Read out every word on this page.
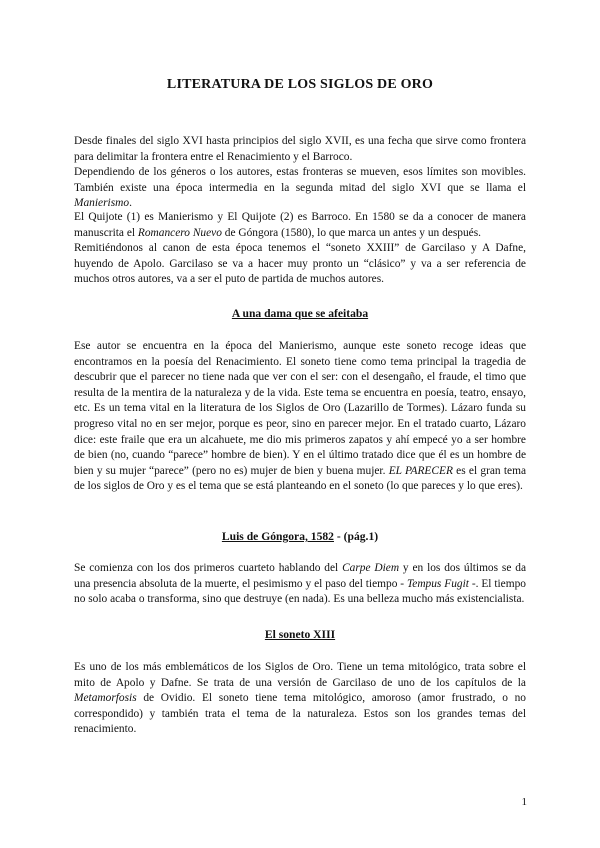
LITERATURA DE LOS SIGLOS DE ORO

Desde finales del siglo XVI hasta principios del siglo XVII, es una fecha que sirve como frontera para delimitar la frontera entre el Renacimiento y el Barroco.

Dependiendo de los géneros o los autores, estas fronteras se mueven, esos límites son movibles. También existe una época intermedia en la segunda mitad del siglo XVI que se llama el Manierismo.

El Quijote (1) es Manierismo y El Quijote (2) es Barroco. En 1580 se da a conocer de manera manuscrita el Romancero Nuevo de Góngora (1580), lo que marca un antes y un después.

Remitiéndonos al canon de esta época tenemos el “soneto XXIII” de Garcilaso y A Dafne, huyendo de Apolo. Garcilaso se va a hacer muy pronto un “clásico” y va a ser referencia de muchos otros autores, va a ser el puto de partida de muchos autores.

A una dama que se afeitaba

Ese autor se encuentra en la época del Manierismo, aunque este soneto recoge ideas que encontramos en la poesía del Renacimiento. El soneto tiene como tema principal la tragedia de descubrir que el parecer no tiene nada que ver con el ser: con el desengaño, el fraude, el timo que resulta de la mentira de la naturaleza y de la vida. Este tema se encuentra en poesía, teatro, ensayo, etc. Es un tema vital en la literatura de los Siglos de Oro (Lazarillo de Tormes). Lázaro funda su progreso vital no en ser mejor, porque es peor, sino en parecer mejor. En el tratado cuarto, Lázaro dice: este fraile que era un alcahuete, me dio mis primeros zapatos y ahí empecé yo a ser hombre de bien (no, cuando “parece” hombre de bien). Y en el último tratado dice que él es un hombre de bien y su mujer “parece” (pero no es) mujer de bien y buena mujer. EL PARECER es el gran tema de los siglos de Oro y es el tema que se está planteando en el soneto (lo que pareces y lo que eres).

Luis de Góngora, 1582 - (pág.1)

Se comienza con los dos primeros cuarteto hablando del Carpe Diem y en los dos últimos se da una presencia absoluta de la muerte, el pesimismo y el paso del tiempo - Tempus Fugit -. El tiempo no solo acaba o transforma, sino que destruye (en nada). Es una belleza mucho más existencialista.

El soneto XIII

Es uno de los más emblemáticos de los Siglos de Oro. Tiene un tema mitológico, trata sobre el mito de Apolo y Dafne. Se trata de una versión de Garcilaso de uno de los capítulos de la Metamorfosis de Ovidio. El soneto tiene tema mitológico, amoroso (amor frustrado, o no correspondido) y también trata el tema de la naturaleza. Estos son los grandes temas del renacimiento.

1
